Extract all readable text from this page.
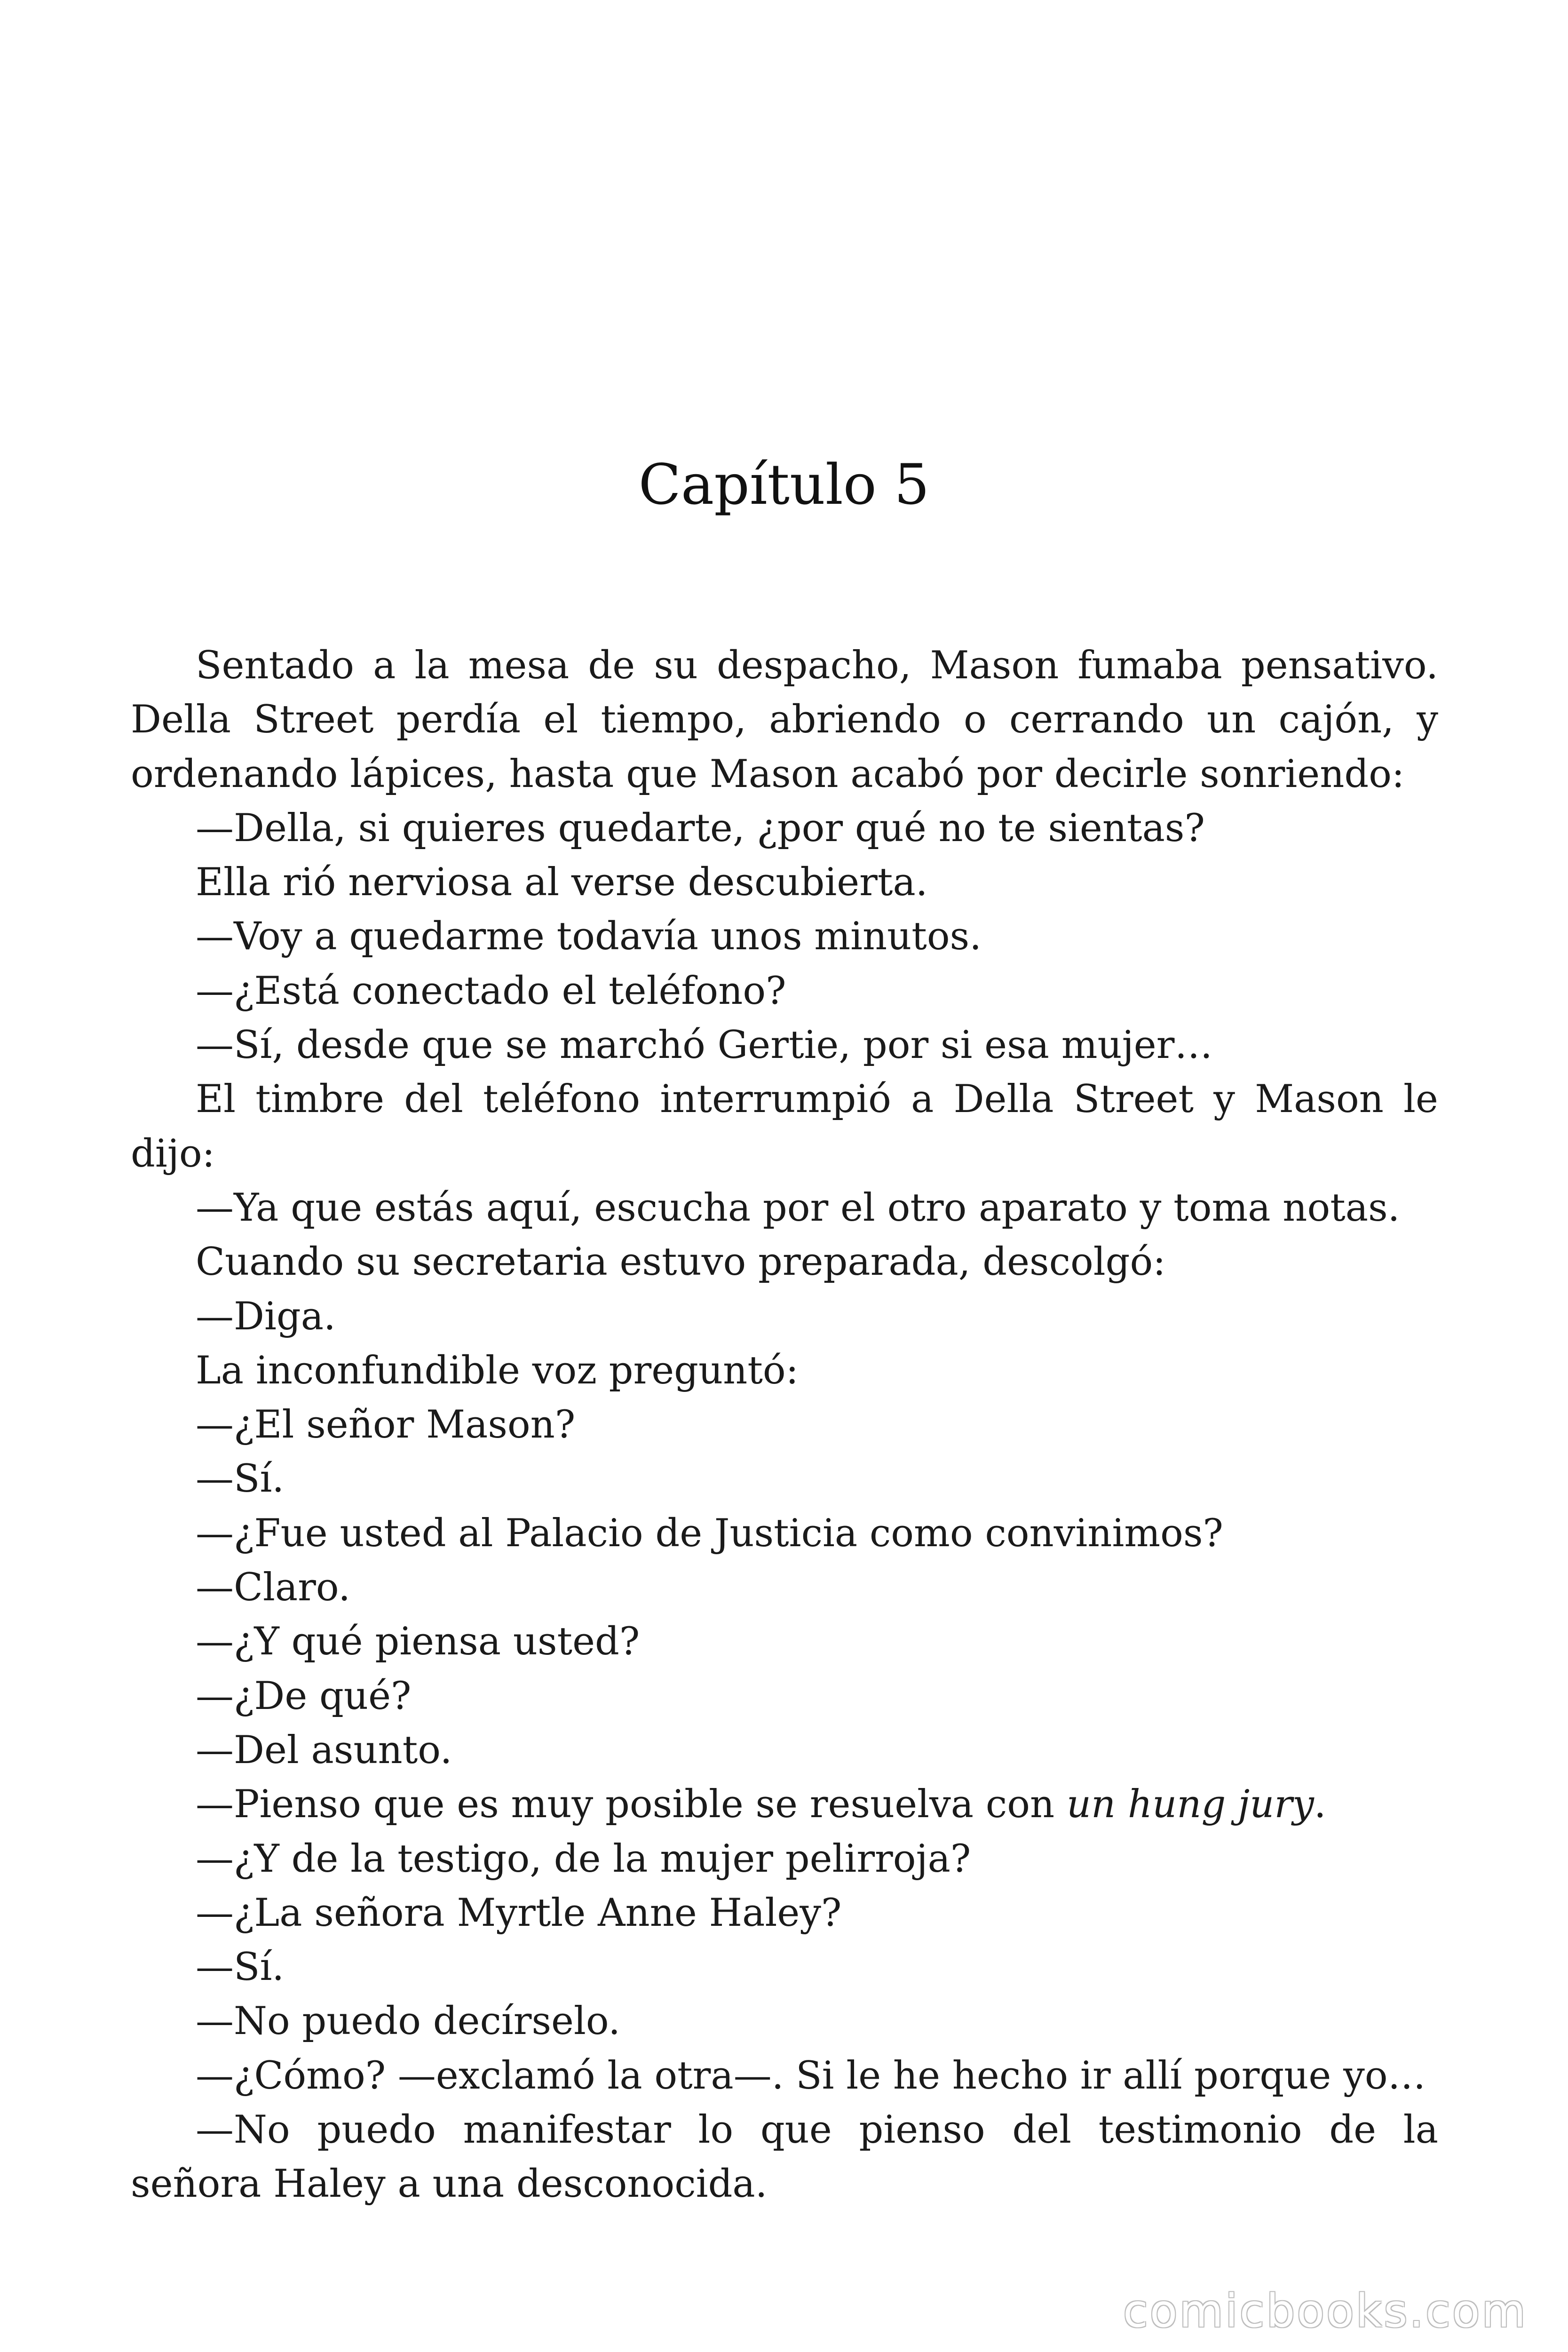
Capítulo 5

Sentado a la mesa de su despacho, Mason fumaba pensativo. Della Street perdía el tiempo, abriendo o cerrando un cajón, y ordenando lápices, hasta que Mason acabó por decirle sonriendo:

—Della, si quieres quedarte, ¿por qué no te sientas?

Ella rió nerviosa al verse descubierta.

—Voy a quedarme todavía unos minutos.

—¿Está conectado el teléfono?

—Sí, desde que se marchó Gertie, por si esa mujer…

El timbre del teléfono interrumpió a Della Street y Mason le dijo:

—Ya que estás aquí, escucha por el otro aparato y toma notas.

Cuando su secretaria estuvo preparada, descolgó:

—Diga.

La inconfundible voz preguntó:

—¿El señor Mason?

—Sí.

—¿Fue usted al Palacio de Justicia como convinimos?

—Claro.

—¿Y qué piensa usted?

—¿De qué?

—Del asunto.

—Pienso que es muy posible se resuelva con un hung jury.

—¿Y de la testigo, de la mujer pelirroja?

—¿La señora Myrtle Anne Haley?

—Sí.

—No puedo decírselo.

—¿Cómo? —exclamó la otra—. Si le he hecho ir allí porque yo…

—No puedo manifestar lo que pienso del testimonio de la señora Haley a una desconocida.

comicbooks.com
